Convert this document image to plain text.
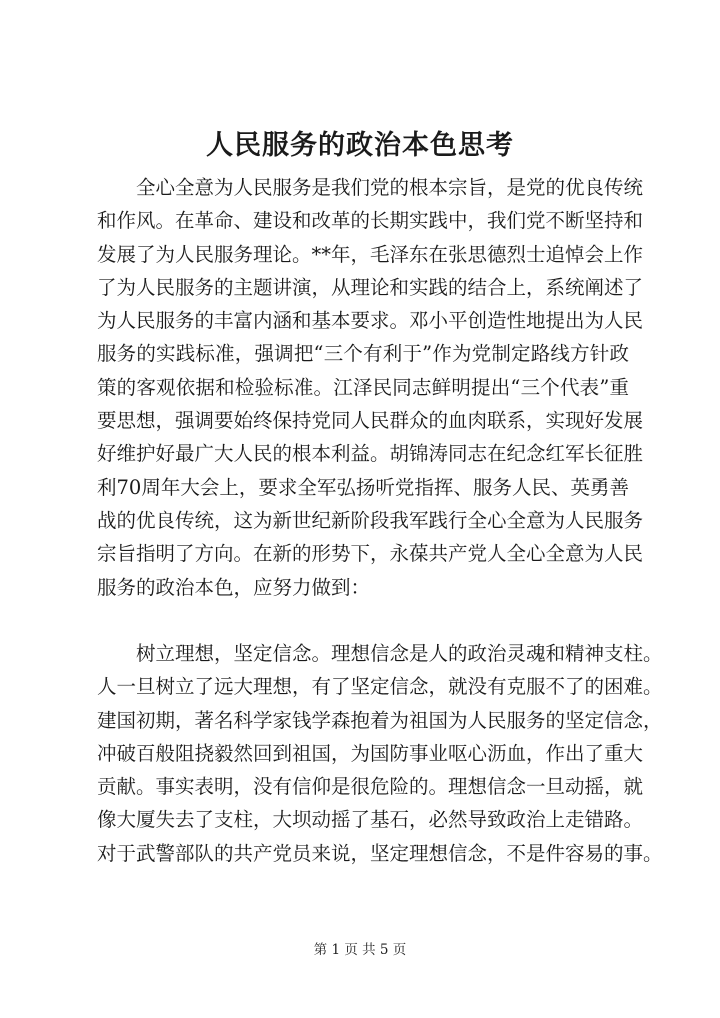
人民服务的政治本色思考
全心全意为人民服务是我们党的根本宗旨，是党的优良传统
和作风。在革命、建设和改革的长期实践中，我们党不断坚持和
发展了为人民服务理论。**年，毛泽东在张思德烈士追悼会上作
了为人民服务的主题讲演，从理论和实践的结合上，系统阐述了
为人民服务的丰富内涵和基本要求。邓小平创造性地提出为人民
服务的实践标准，强调把“三个有利于”作为党制定路线方针政
策的客观依据和检验标准。江泽民同志鲜明提出“三个代表”重
要思想，强调要始终保持党同人民群众的血肉联系，实现好发展
好维护好最广大人民的根本利益。胡锦涛同志在纪念红军长征胜
利70周年大会上，要求全军弘扬听党指挥、服务人民、英勇善
战的优良传统，这为新世纪新阶段我军践行全心全意为人民服务
宗旨指明了方向。在新的形势下，永葆共产党人全心全意为人民
服务的政治本色，应努力做到：
树立理想，坚定信念。理想信念是人的政治灵魂和精神支柱。
人一旦树立了远大理想，有了坚定信念，就没有克服不了的困难。
建国初期，著名科学家钱学森抱着为祖国为人民服务的坚定信念，
冲破百般阻挠毅然回到祖国，为国防事业呕心沥血，作出了重大
贡献。事实表明，没有信仰是很危险的。理想信念一旦动摇，就
像大厦失去了支柱，大坝动摇了基石，必然导致政治上走错路。
对于武警部队的共产党员来说，坚定理想信念，不是件容易的事。
第 1 页 共 5 页
